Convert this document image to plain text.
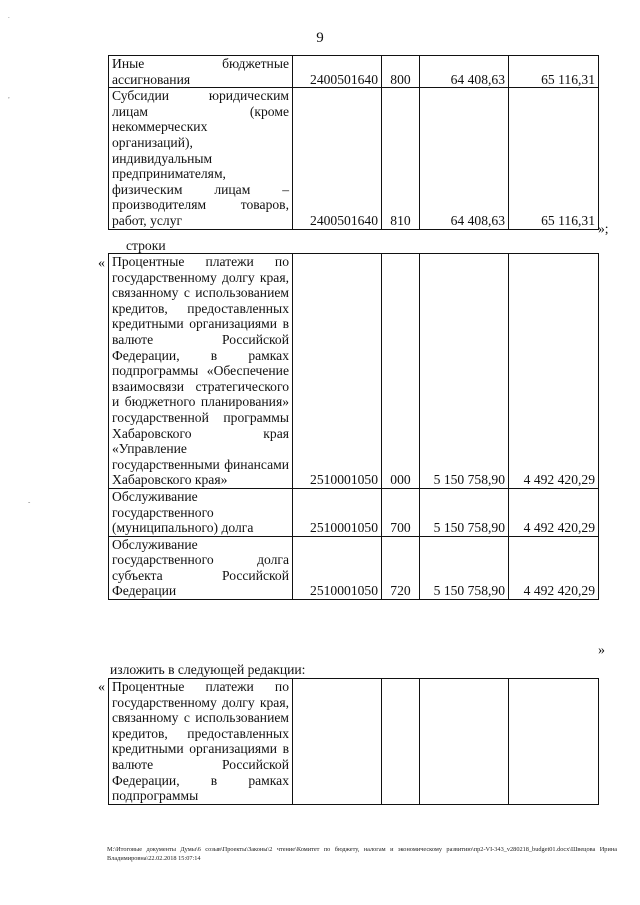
9
.
,
-
Иные бюджетные ассигнования	2400501640	800	64 408,63	65 116,31
Субсидии юридическим лицам (кроме некоммерческих организаций), индивидуальным предпринимателям, физическим лицам – производителям товаров, работ, услуг	2400501640	810	64 408,63	65 116,31
»;
строки
« Процентные платежи по государственному долгу края, связанному с использованием кредитов, предоставленных кредитными организациями в валюте Российской Федерации, в рамках подпрограммы «Обеспечение взаимосвязи стратегического и бюджетного планирования» государственной программы Хабаровского края «Управление государственными финансами Хабаровского края»	2510001050	000	5 150 758,90	4 492 420,29
Обслуживание государственного (муниципального) долга	2510001050	700	5 150 758,90	4 492 420,29
Обслуживание государственного долга субъекта Российской Федерации	2510001050	720	5 150 758,90	4 492 420,29
»
изложить в следующей редакции:
« Процентные платежи по государственному долгу края, связанному с использованием кредитов, предоставленных кредитными организациями в валюте Российской Федерации, в рамках подпрограммы				
M:\Итоговые документы Думы\6 созыв\Проекты\Законы\2 чтение\Комитет по бюджету, налогам и экономическому развитию\пр2-VI-343_v280218_budget01.docx\Швецова Ирина Владимировна\22.02.2018 15:07:14
